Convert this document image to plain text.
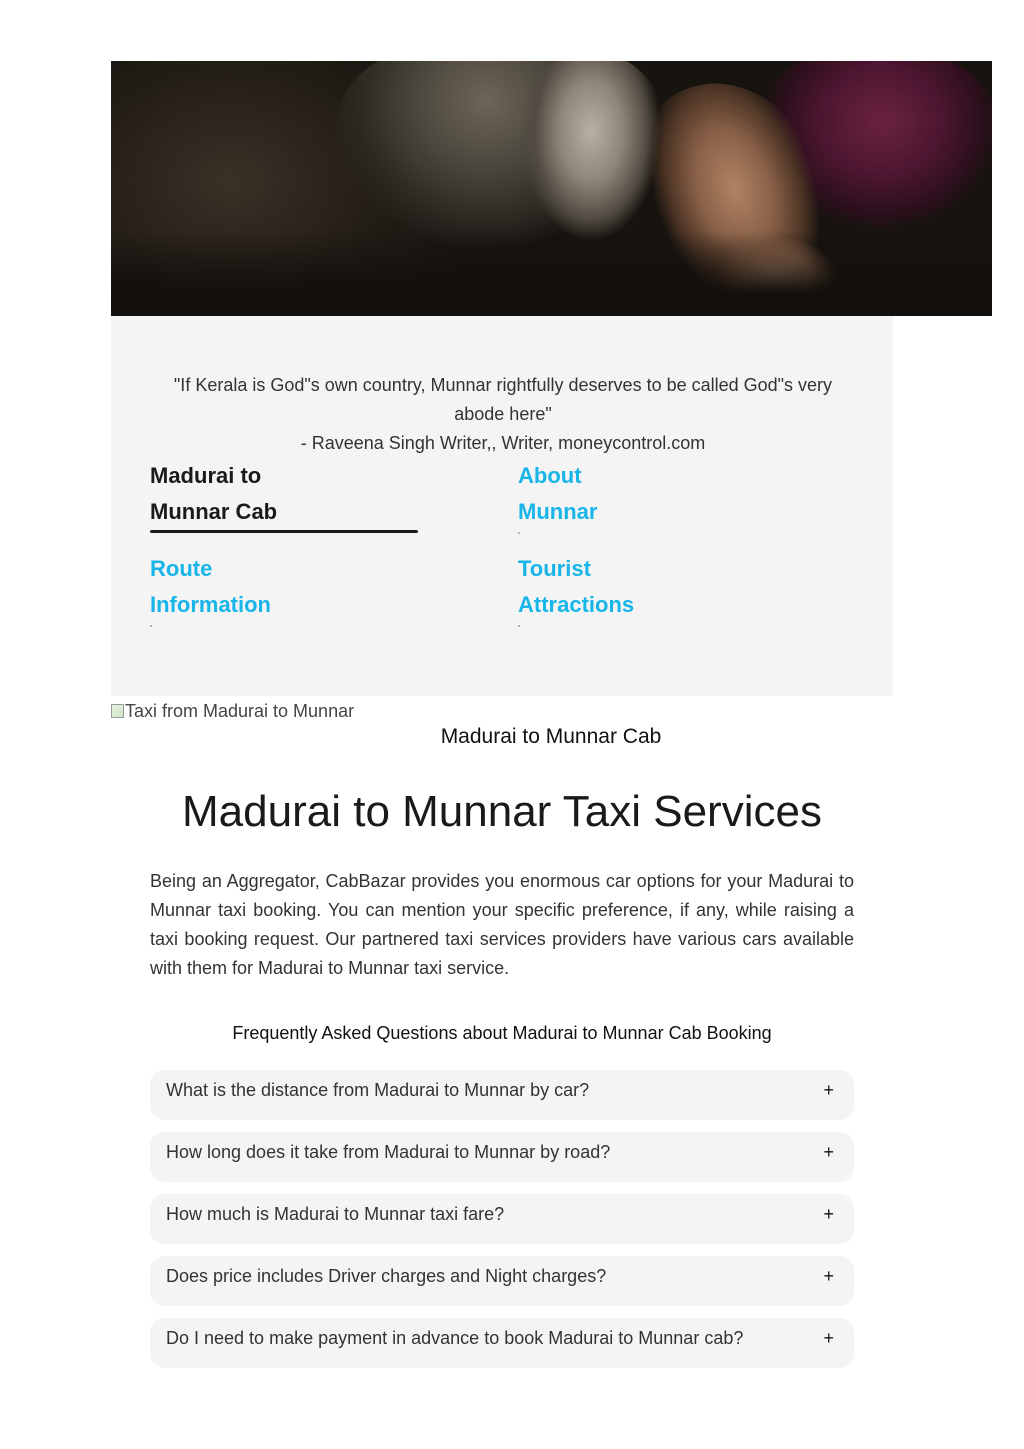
"If Kerala is God"s own country, Munnar rightfully deserves to be called God"s very abode here"
- Raveena Singh Writer,, Writer, moneycontrol.com
Madurai to
Munnar Cab
About
Munnar
Route
Information
Tourist
Attractions
Taxi from Madurai to Munnar
Madurai to Munnar Cab
Madurai to Munnar Taxi Services

Being an Aggregator, CabBazar provides you enormous car options for your Madurai to Munnar taxi booking. You can mention your specific preference, if any, while raising a taxi booking request. Our partnered taxi services providers have various cars available with them for Madurai to Munnar taxi service.

Frequently Asked Questions about Madurai to Munnar Cab Booking
What is the distance from Madurai to Munnar by car?	+
How long does it take from Madurai to Munnar by road?	+
How much is Madurai to Munnar taxi fare?	+
Does price includes Driver charges and Night charges?	+
Do I need to make payment in advance to book Madurai to Munnar cab?	+
